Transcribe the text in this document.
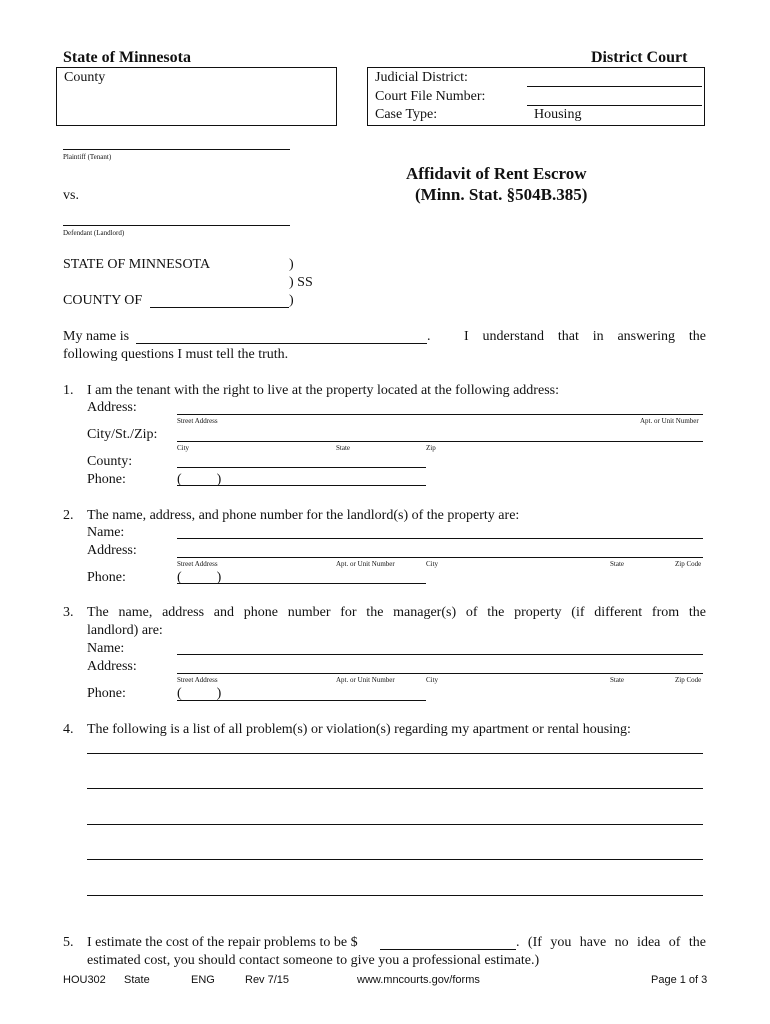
State of Minnesota	District Court
County	Judicial District:
Court File Number:
Case Type:	Housing
Plaintiff (Tenant)
vs.
Defendant (Landlord)
Affidavit of Rent Escrow
(Minn. Stat. §504B.385)
STATE OF MINNESOTA	)
) SS
COUNTY OF	)
My name is	. I understand that in answering the
following questions I must tell the truth.
1. I am the tenant with the right to live at the property located at the following address:
Address:
Street Address	Apt. or Unit Number
City/St./Zip:
City	State	Zip
County:
Phone:	(          )
2. The name, address, and phone number for the landlord(s) of the property are:
Name:
Address:
Street Address	Apt. or Unit Number	City	State	Zip Code
Phone:	(          )
3. The name, address and phone number for the manager(s) of the property (if different from the
landlord) are:
Name:
Address:
Street Address	Apt. or Unit Number	City	State	Zip Code
Phone:	(          )
4. The following is a list of all problem(s) or violation(s) regarding my apartment or rental housing:
5. I estimate the cost of the repair problems to be $	. (If you have no idea of the
estimated cost, you should contact someone to give you a professional estimate.)
HOU302 State	ENG	Rev 7/15	www.mncourts.gov/forms	Page 1 of 3
